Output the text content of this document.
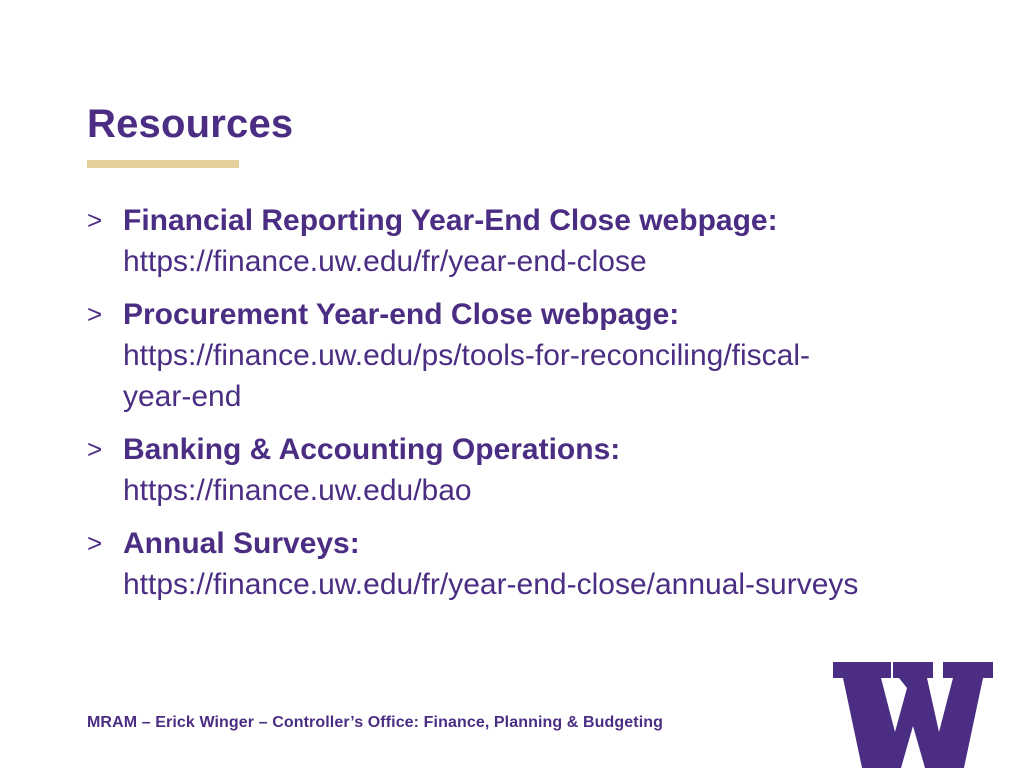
Resources
> Financial Reporting Year-End Close webpage:
https://finance.uw.edu/fr/year-end-close
> Procurement Year-end Close webpage:
https://finance.uw.edu/ps/tools-for-reconciling/fiscal-
year-end
> Banking & Accounting Operations:
https://finance.uw.edu/bao
> Annual Surveys:
https://finance.uw.edu/fr/year-end-close/annual-surveys
MRAM – Erick Winger – Controller’s Office: Finance, Planning & Budgeting
